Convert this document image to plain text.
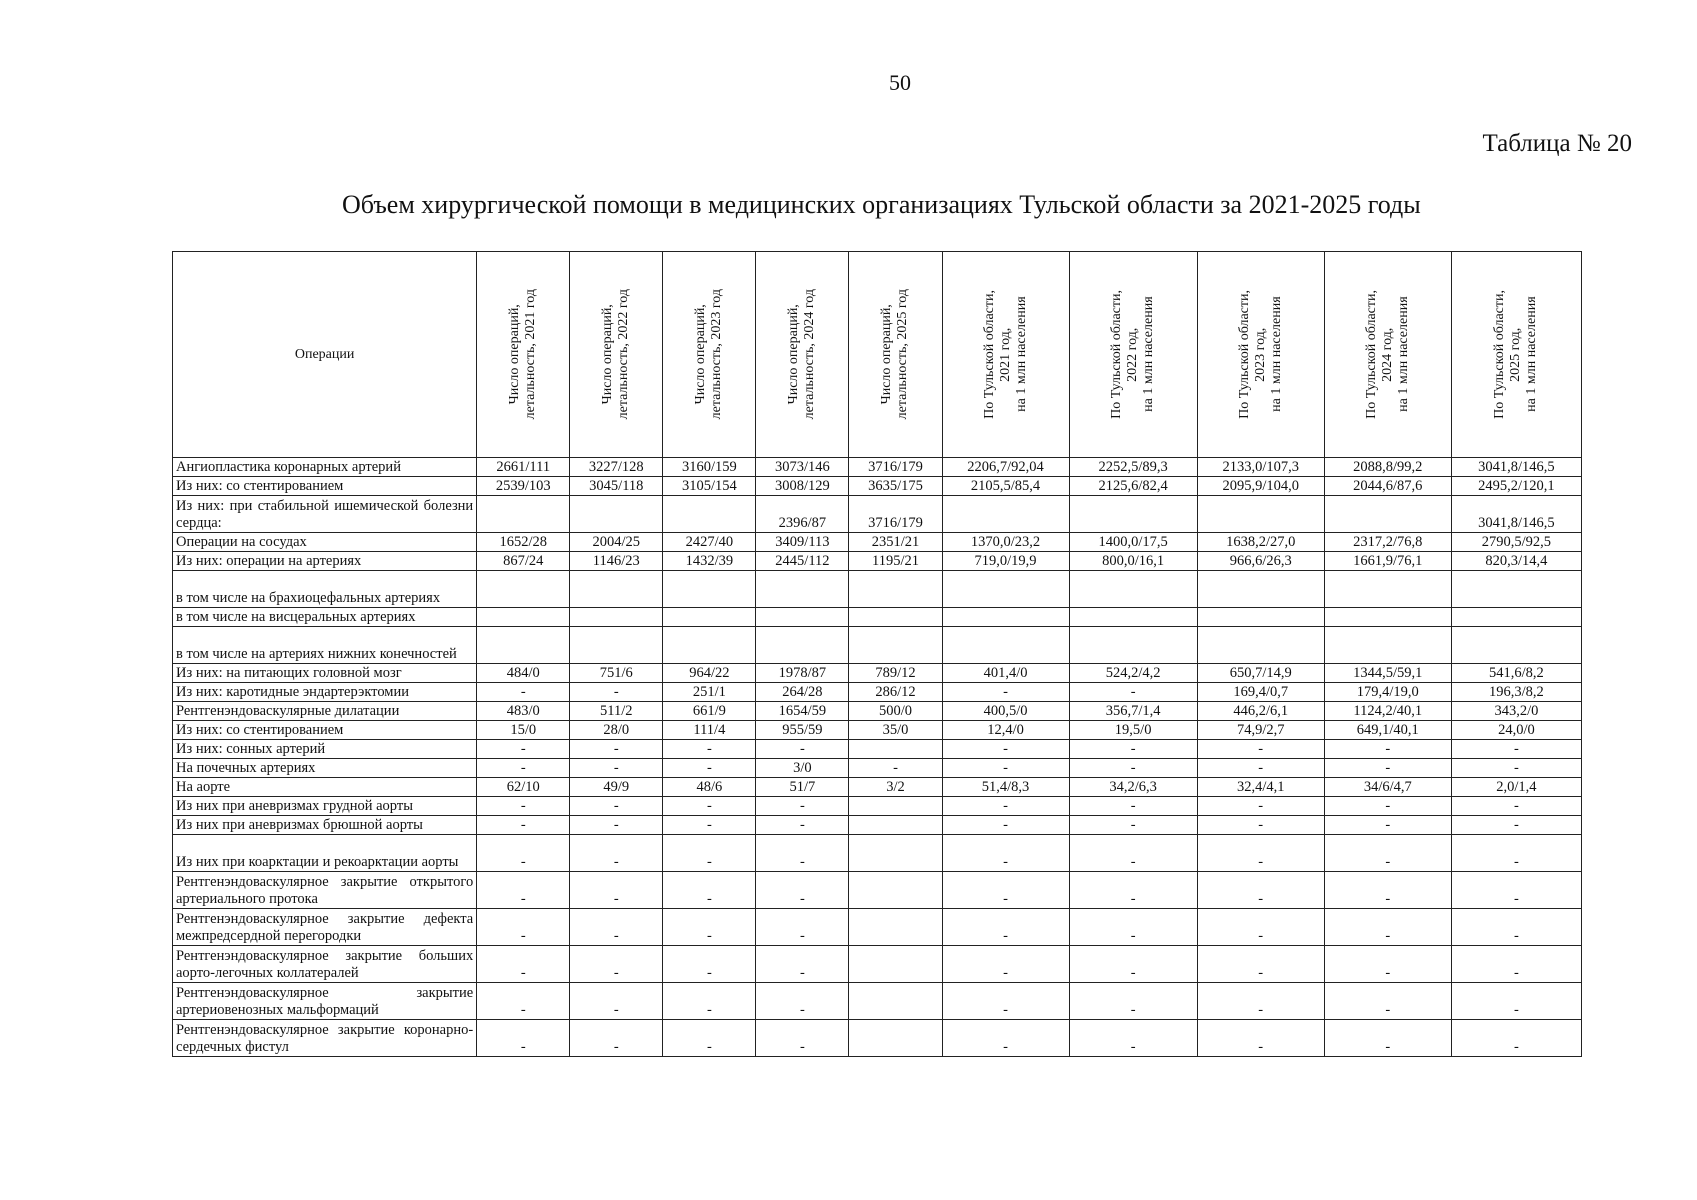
50
Таблица № 20
Объем хирургической помощи в медицинских организациях Тульской области за 2021-2025 годы
Операции	Число операций,
летальность, 2021 год	Число операций,
летальность, 2022 год	Число операций,
летальность, 2023 год	Число операций,
летальность, 2024 год	Число операций,
летальность, 2025 год	По Тульской области,
2021 год,
на 1 млн населения	По Тульской области,
2022 год,
на 1 млн населения	По Тульской области,
2023 год,
на 1 млн населения	По Тульской области,
2024 год,
на 1 млн населения	По Тульской области,
2025 год,
на 1 млн населения

Ангиопластика коронарных артерий	2661/111	3227/128	3160/159	3073/146	3716/179	2206,7/92,04	2252,5/89,3	2133,0/107,3	2088,8/99,2	3041,8/146,5
Из них: со стентированием	2539/103	3045/118	3105/154	3008/129	3635/175	2105,5/85,4	2125,6/82,4	2095,9/104,0	2044,6/87,6	2495,2/120,1
Из них: при стабильной ишемической болезни сердца:				2396/87	3716/179					3041,8/146,5
Операции на сосудах	1652/28	2004/25	2427/40	3409/113	2351/21	1370,0/23,2	1400,0/17,5	1638,2/27,0	2317,2/76,8	2790,5/92,5
Из них: операции на артериях	867/24	1146/23	1432/39	2445/112	1195/21	719,0/19,9	800,0/16,1	966,6/26,3	1661,9/76,1	820,3/14,4
в том числе на брахиоцефальных артериях										
в том числе на висцеральных артериях										
в том числе на артериях нижних конечностей										
Из них: на питающих головной мозг	484/0	751/6	964/22	1978/87	789/12	401,4/0	524,2/4,2	650,7/14,9	1344,5/59,1	541,6/8,2
Из них: каротидные эндартерэктомии	-	-	251/1	264/28	286/12	-	-	169,4/0,7	179,4/19,0	196,3/8,2
Рентгенэндоваскулярные дилатации	483/0	511/2	661/9	1654/59	500/0	400,5/0	356,7/1,4	446,2/6,1	1124,2/40,1	343,2/0
Из них: со стентированием	15/0	28/0	111/4	955/59	35/0	12,4/0	19,5/0	74,9/2,7	649,1/40,1	24,0/0
Из них: сонных артерий	-	-	-	-		-	-	-	-	-
На почечных артериях	-	-	-	3/0	-	-	-	-	-	-
На аорте	62/10	49/9	48/6	51/7	3/2	51,4/8,3	34,2/6,3	32,4/4,1	34/6/4,7	2,0/1,4
Из них при аневризмах грудной аорты	-	-	-	-		-	-	-	-	-
Из них при аневризмах брюшной аорты	-	-	-	-		-	-	-	-	-
Из них при коарктации и рекоарктации аорты	-	-	-	-		-	-	-	-	-
Рентгенэндоваскулярное закрытие открытого артериального протока	-	-	-	-		-	-	-	-	-
Рентгенэндоваскулярное закрытие дефекта межпредсердной перегородки	-	-	-	-		-	-	-	-	-
Рентгенэндоваскулярное закрытие больших аорто-легочных коллатералей	-	-	-	-		-	-	-	-	-
Рентгенэндоваскулярное закрытие артериовенозных мальформаций	-	-	-	-		-	-	-	-	-
Рентгенэндоваскулярное закрытие коронарно-сердечных фистул	-	-	-	-		-	-	-	-	-
